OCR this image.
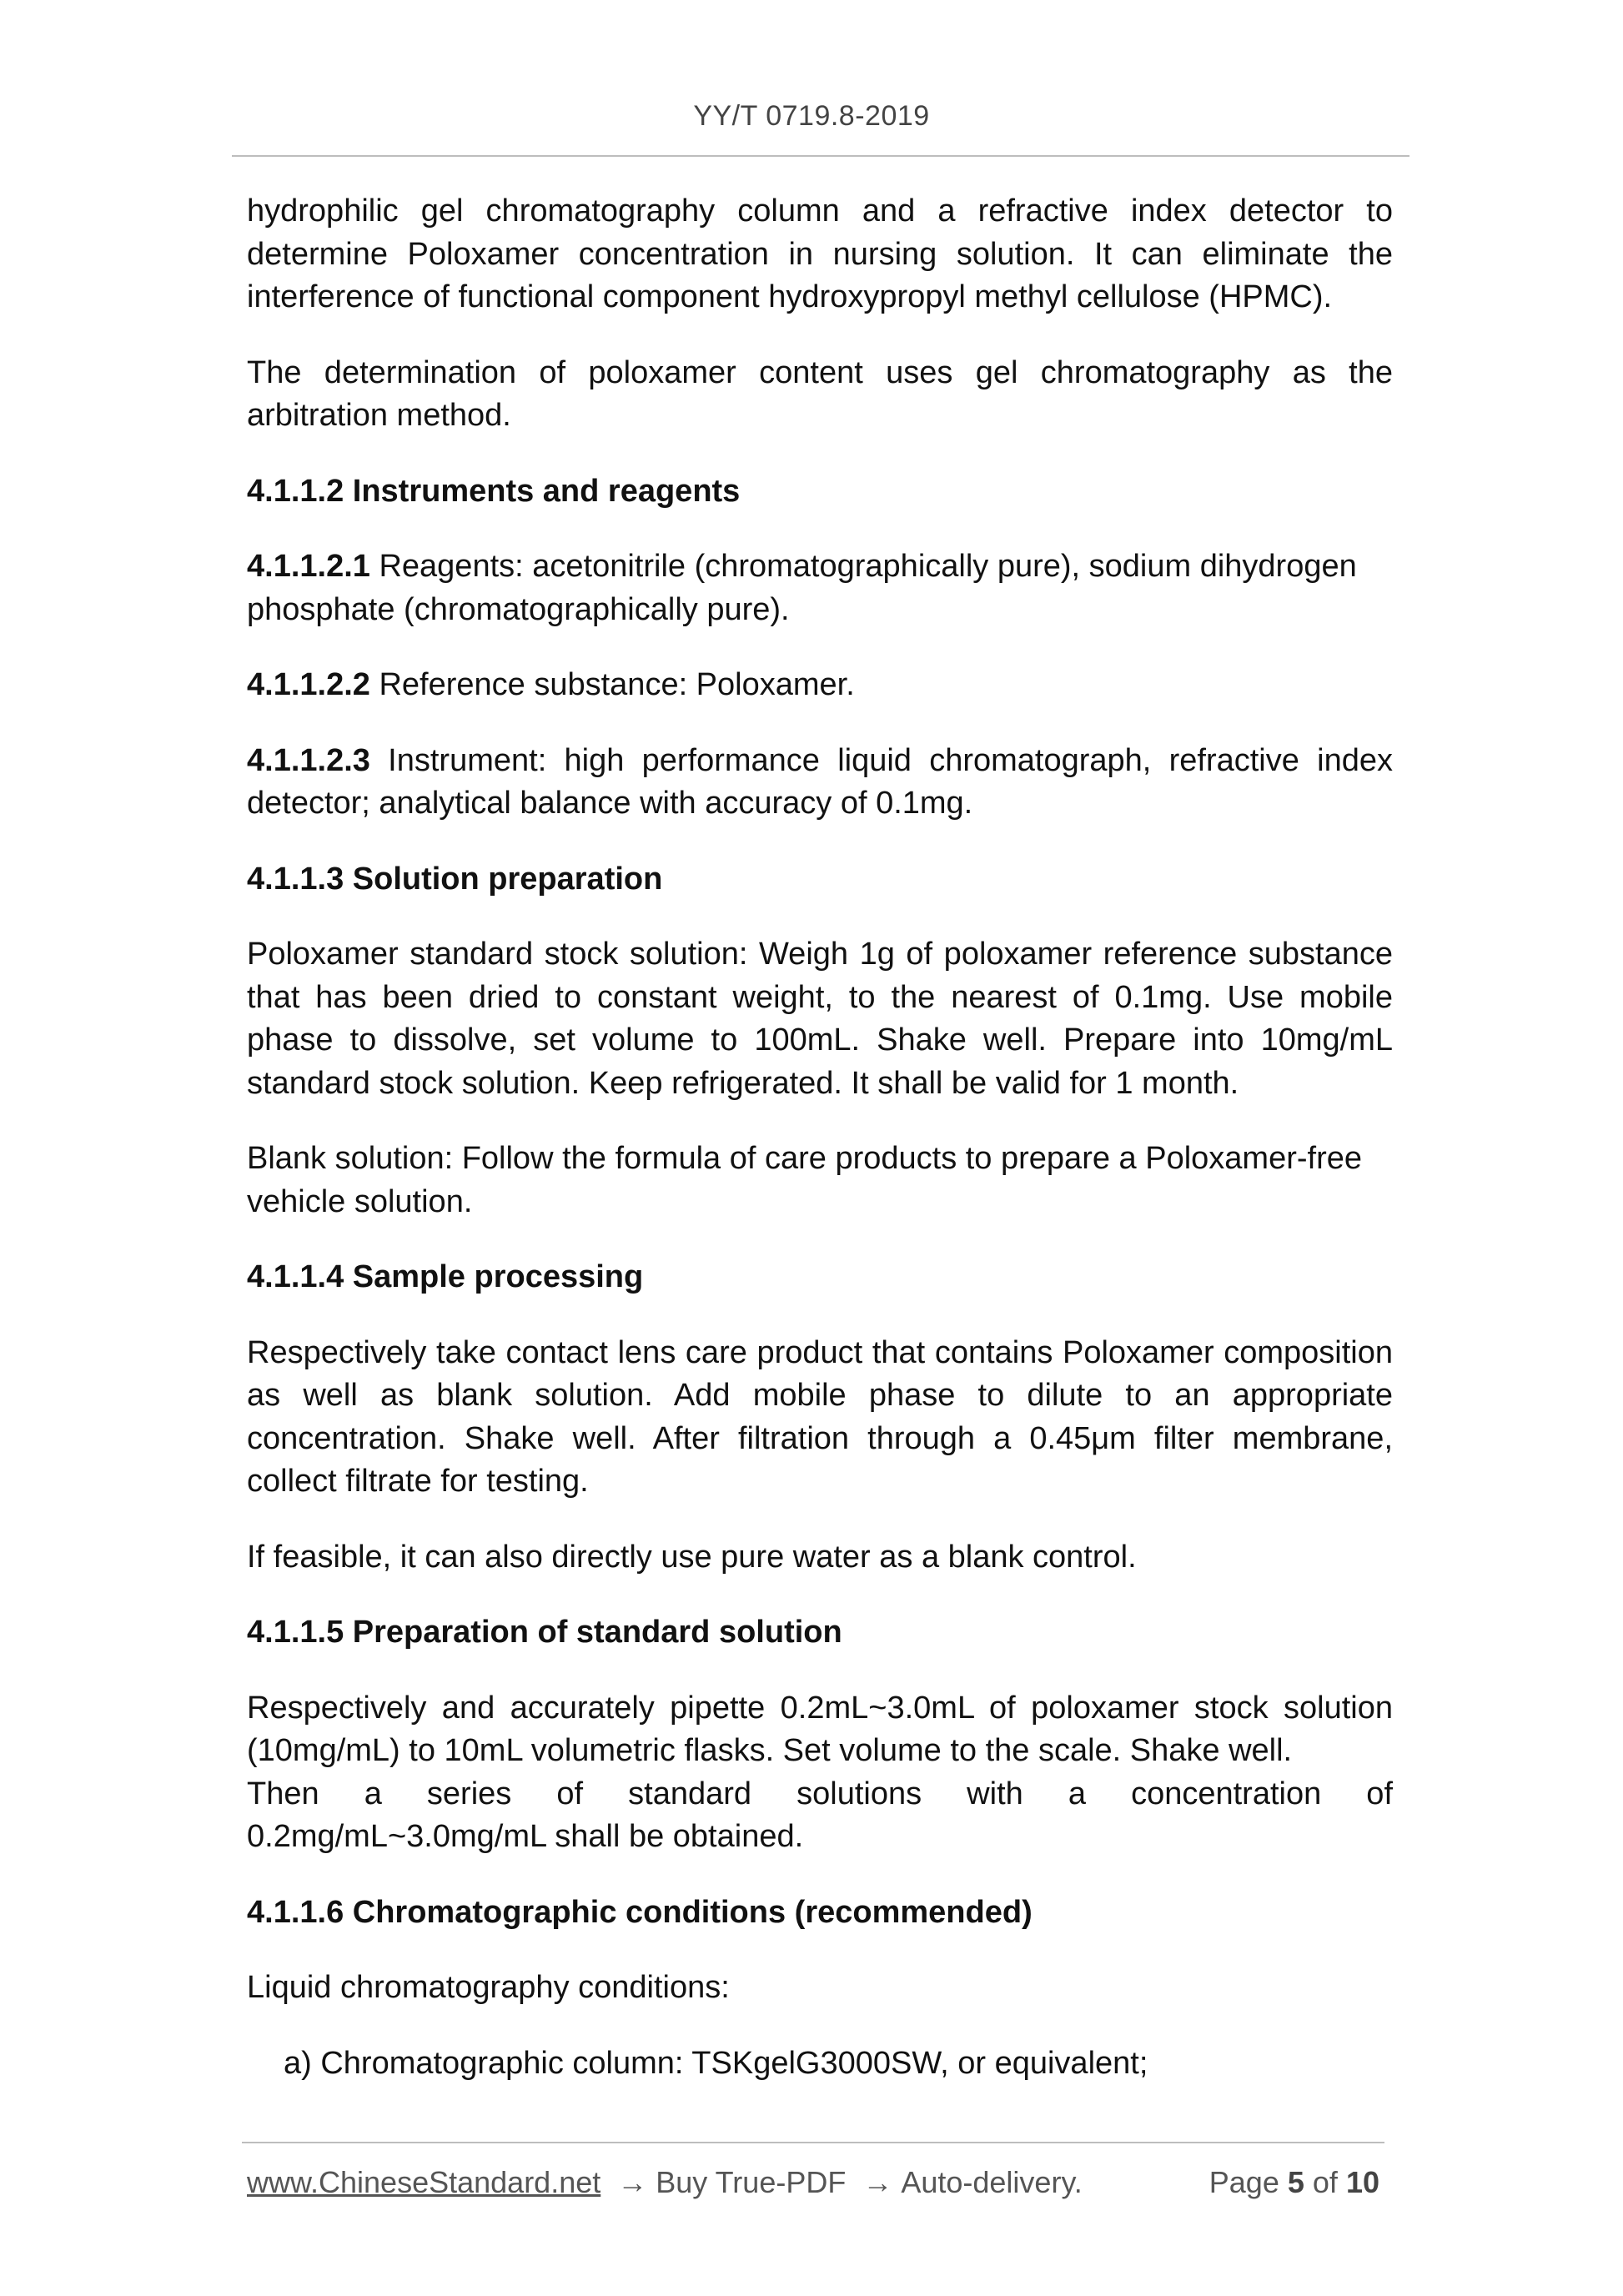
YY/T 0719.8-2019

hydrophilic gel chromatography column and a refractive index detector to determine Poloxamer concentration in nursing solution. It can eliminate the interference of functional component hydroxypropyl methyl cellulose (HPMC).

The determination of poloxamer content uses gel chromatography as the arbitration method.

4.1.1.2 Instruments and reagents

4.1.1.2.1 Reagents: acetonitrile (chromatographically pure), sodium dihydrogen phosphate (chromatographically pure).

4.1.1.2.2 Reference substance: Poloxamer.

4.1.1.2.3 Instrument: high performance liquid chromatograph, refractive index detector; analytical balance with accuracy of 0.1mg.

4.1.1.3 Solution preparation

Poloxamer standard stock solution: Weigh 1g of poloxamer reference substance that has been dried to constant weight, to the nearest of 0.1mg. Use mobile phase to dissolve, set volume to 100mL. Shake well. Prepare into 10mg/mL standard stock solution. Keep refrigerated. It shall be valid for 1 month.

Blank solution: Follow the formula of care products to prepare a Poloxamer-free vehicle solution.

4.1.1.4 Sample processing

Respectively take contact lens care product that contains Poloxamer composition as well as blank solution. Add mobile phase to dilute to an appropriate concentration. Shake well. After filtration through a 0.45μm filter membrane, collect filtrate for testing.

If feasible, it can also directly use pure water as a blank control.

4.1.1.5 Preparation of standard solution

Respectively and accurately pipette 0.2mL~3.0mL of poloxamer stock solution (10mg/mL) to 10mL volumetric flasks. Set volume to the scale. Shake well.
Then a series of standard solutions with a concentration of
0.2mg/mL~3.0mg/mL shall be obtained.

4.1.1.6 Chromatographic conditions (recommended)

Liquid chromatography conditions:

a) Chromatographic column: TSKgelG3000SW, or equivalent;

www.ChineseStandard.net → Buy True-PDF → Auto-delivery.	Page 5 of 10
